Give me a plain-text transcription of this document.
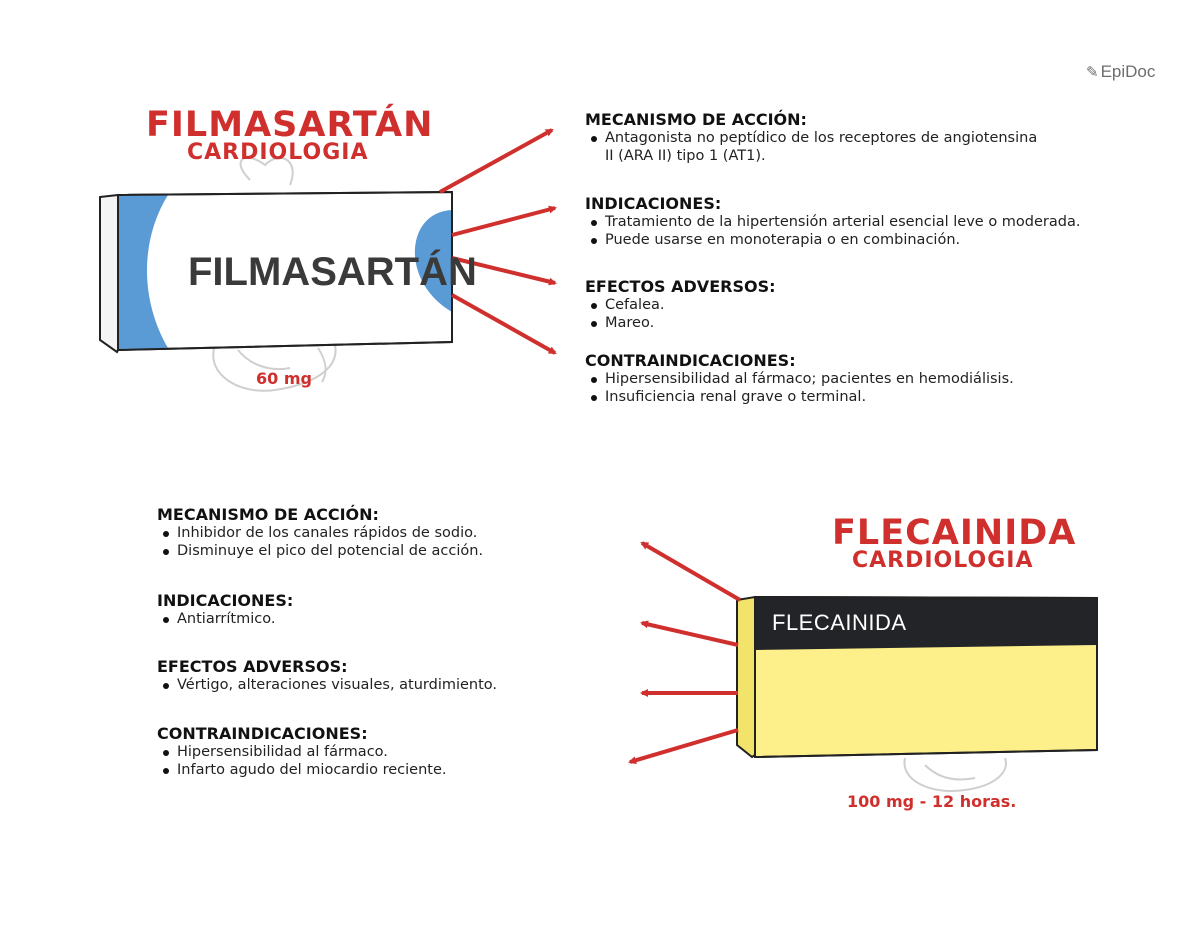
✎ EpiDoc
FILMASARTÁN
CARDIOLOGIA
FILMASARTÁN
60 mg

MECANISMO DE ACCIÓN:

Antagonista no peptídico de los receptores de angiotensina
II (ARA II) tipo 1 (AT1).

INDICACIONES:

Tratamiento de la hipertensión arterial esencial leve o moderada.
Puede usarse en monoterapia o en combinación.

EFECTOS ADVERSOS:

Cefalea.
Mareo.

CONTRAINDICACIONES:

Hipersensibilidad al fármaco; pacientes en hemodiálisis.
Insuficiencia renal grave o terminal.
FLECAINIDA
CARDIOLOGIA
FLECAINIDA
100 mg - 12 horas.

MECANISMO DE ACCIÓN:

Inhibidor de los canales rápidos de sodio.
Disminuye el pico del potencial de acción.

INDICACIONES:

Antiarrítmico.

EFECTOS ADVERSOS:

Vértigo, alteraciones visuales, aturdimiento.

CONTRAINDICACIONES:

Hipersensibilidad al fármaco.
Infarto agudo del miocardio reciente.
